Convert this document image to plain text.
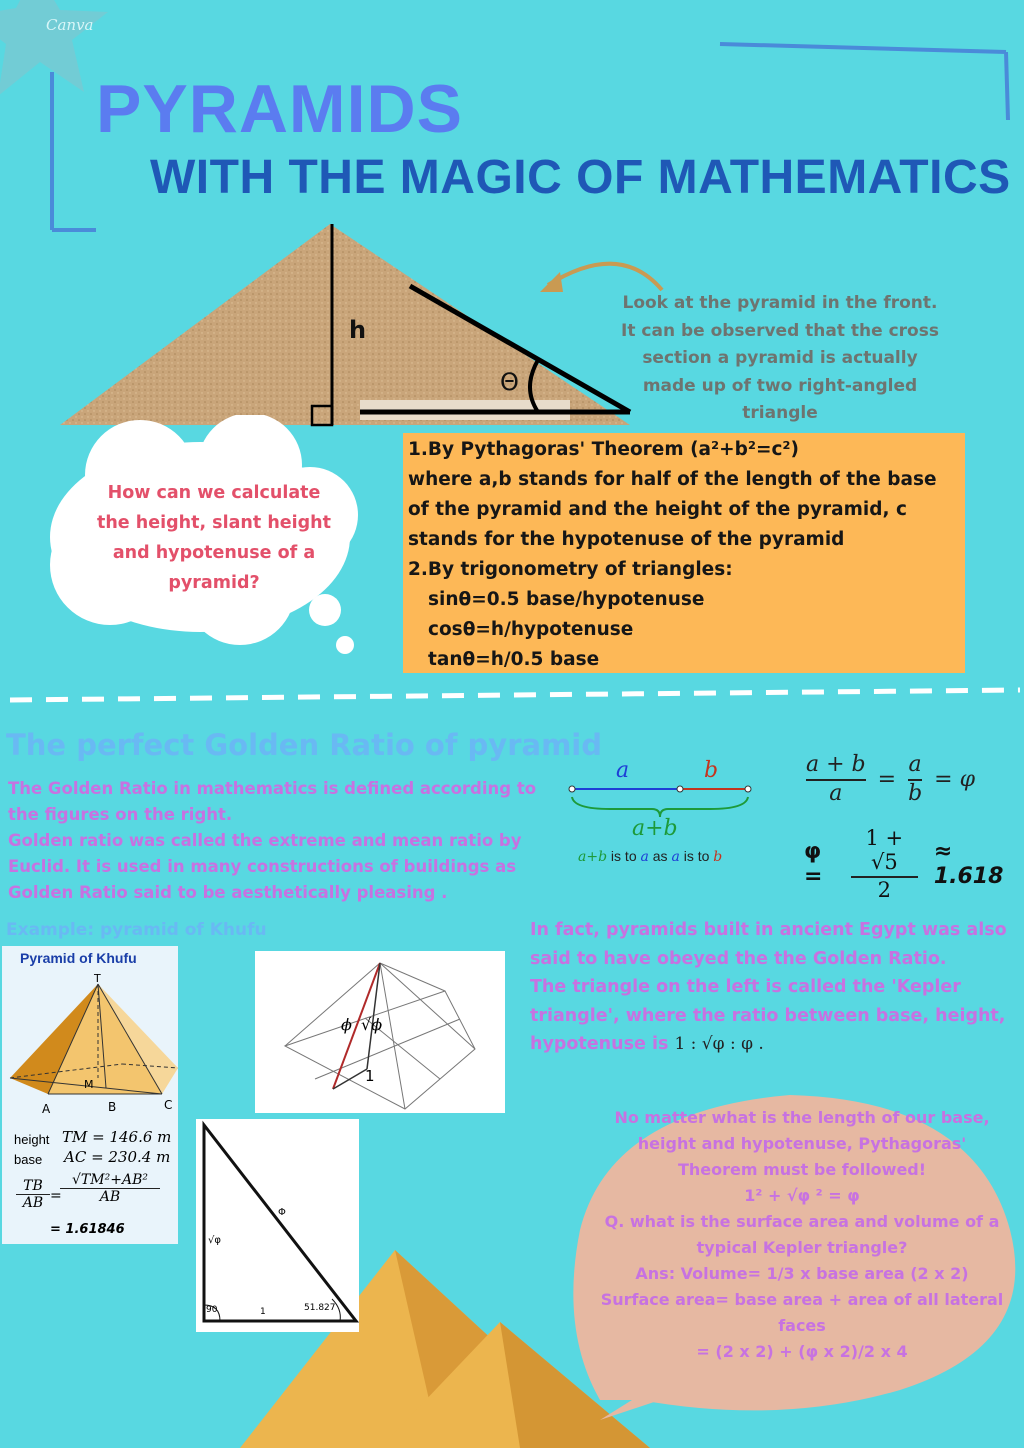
Canva
PYRAMIDS
WITH THE MAGIC OF MATHEMATICS
h
Θ
Look at the pyramid in the front.
It can be observed that the cross
section a pyramid is actually
made up of two right-angled
triangle
How can we calculate
the height, slant height
and hypotenuse of a
pyramid?
1.By Pythagoras' Theorem (a²+b²=c²)
where a,b stands for half of the length of the base
of the pyramid and the height of the pyramid, c
stands for the hypotenuse of the pyramid
2.By trigonometry of triangles:
sinθ=0.5 base/hypotenuse
cosθ=h/hypotenuse
tanθ=h/0.5 base
The perfect Golden Ratio of pyramid
The Golden Ratio in mathematics is defined according to
the figures on the right.
Golden ratio was called the extreme and mean ratio by
Euclid. It is used in many constructions of buildings as
Golden Ratio said to be aesthetically pleasing .
a	b
a+b
a+b is to a as a is to b
$\frac{a + b}{a} = \frac{a}{b} = \varphi$
φ =	$\frac{1 + √5}{2} \approx 1.618$
Example: pyramid of Khufu
Pyramid of Khufu
T
M
A	B	C
height TM = 146.6 m
base AC = 230.4 m
$\frac{TB}{AB}$ =
$\frac{\text{√TM²+AB²}}{AB}$
= 1.61846
ϕ √ϕ
1
√φ
Φ
90	1	51.827
In fact, pyramids built in ancient Egypt was also
said to have obeyed the the Golden Ratio.
The triangle on the left is called the 'Kepler
triangle', where the ratio between base, height,
hypotenuse is 1 : √φ : φ .
No matter what is the length of our base,
height and hypotenuse, Pythagoras'
Theorem must be followed!
1² + √φ ² = φ
Q. what is the surface area and volume of a
typical Kepler triangle?
Ans: Volume= 1/3 x base area (2 x 2)
Surface area= base area + area of all lateral
faces
= (2 x 2) + (φ x 2)/2 x 4
